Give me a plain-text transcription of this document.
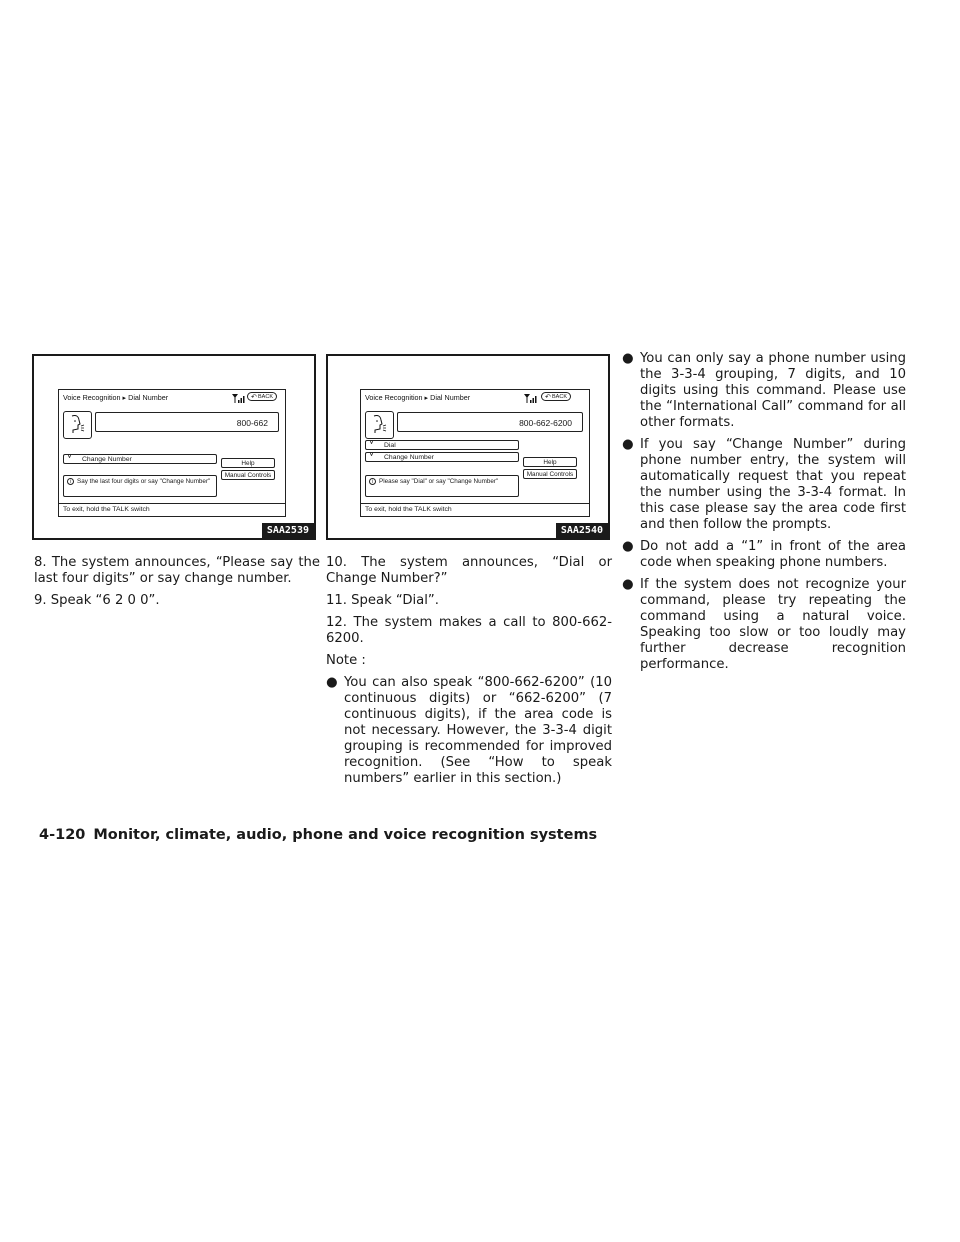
Voice Recognition ▸ Dial Number	↶ BACK
800-662
ⱽ Change Number
Help
Manual Controls
i Say the last four digits or say "Change Number"
To exit, hold the TALK switch
SAA2539
Voice Recognition ▸ Dial Number	↶ BACK
800-662-6200
ⱽ Dial
ⱽ Change Number
Help
Manual Controls
i Please say "Dial" or say "Change Number"
To exit, hold the TALK switch
SAA2540

8. The system announces, “Please say the last four digits” or say change number.

9. Speak “6 2 0 0”.

10. The system announces, “Dial or Change Number?”

11. Speak “Dial”.

12. The system makes a call to 800-662-6200.

Note :

● You can also speak “800-662-6200” (10 continuous digits) or “662-6200” (7 continuous digits), if the area code is not necessary. However, the 3-3-4 digit grouping is recommended for improved recognition. (See “How to speak numbers” earlier in this section.)
● You can only say a phone number using the 3-3-4 grouping, 7 digits, and 10 digits using this command. Please use the “International Call” command for all other formats.
● If you say “Change Number” during phone number entry, the system will automatically request that you repeat the number using the 3-3-4 format. In this case please say the area code first and then follow the prompts.
● Do not add a “1” in front of the area code when speaking phone numbers.
● If the system does not recognize your command, please try repeating the command using a natural voice. Speaking too slow or too loudly may further decrease recognition performance.
4-120 Monitor, climate, audio, phone and voice recognition systems
